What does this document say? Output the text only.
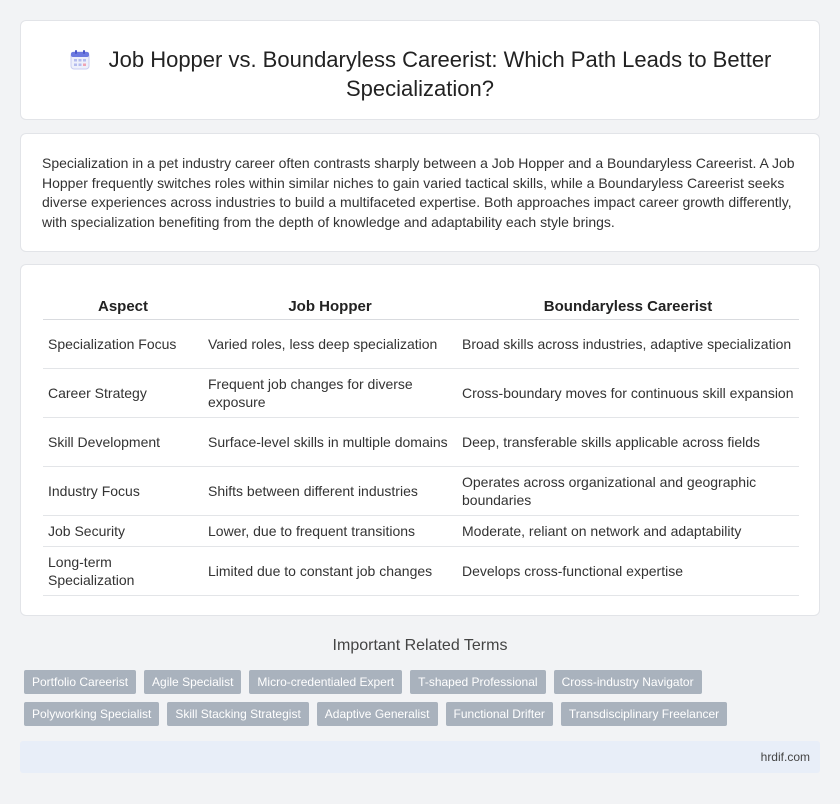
Job Hopper vs. Boundaryless Careerist: Which Path Leads to Better Specialization?

Specialization in a pet industry career often contrasts sharply between a Job Hopper and a Boundaryless Careerist. A Job Hopper frequently switches roles within similar niches to gain varied tactical skills, while a Boundaryless Careerist seeks diverse experiences across industries to build a multifaceted expertise. Both approaches impact career growth differently, with specialization benefiting from the depth of knowledge and adaptability each style brings.

Aspect	Job Hopper	Boundaryless Careerist
Specialization Focus	Varied roles, less deep specialization	Broad skills across industries, adaptive specialization
Career Strategy	Frequent job changes for diverse exposure	Cross-boundary moves for continuous skill expansion
Skill Development	Surface-level skills in multiple domains	Deep, transferable skills applicable across fields
Industry Focus	Shifts between different industries	Operates across organizational and geographic boundaries
Job Security	Lower, due to frequent transitions	Moderate, reliant on network and adaptability
Long-term Specialization	Limited due to constant job changes	Develops cross-functional expertise
Important Related Terms
Portfolio Careerist	Agile Specialist	Micro-credentialed Expert	T-shaped Professional	Cross-industry Navigator
Polyworking Specialist	Skill Stacking Strategist	Adaptive Generalist	Functional Drifter	Transdisciplinary Freelancer
hrdif.com
